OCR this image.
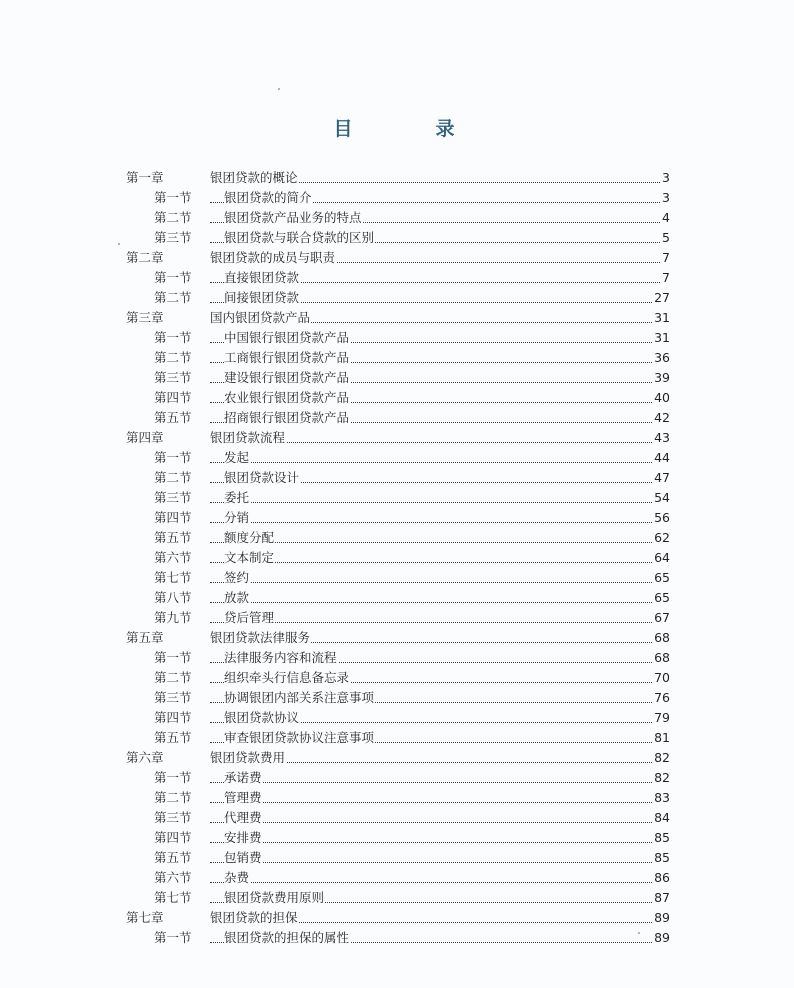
目　录
第一章	银团贷款的概论	3
第一节	银团贷款的简介	3
第二节	银团贷款产品业务的特点	4
第三节	银团贷款与联合贷款的区别	5
第二章	银团贷款的成员与职责	7
第一节	直接银团贷款	7
第二节	间接银团贷款	27
第三章	国内银团贷款产品	31
第一节	中国银行银团贷款产品	31
第二节	工商银行银团贷款产品	36
第三节	建设银行银团贷款产品	39
第四节	农业银行银团贷款产品	40
第五节	招商银行银团贷款产品	42
第四章	银团贷款流程	43
第一节	发起	44
第二节	银团贷款设计	47
第三节	委托	54
第四节	分销	56
第五节	额度分配	62
第六节	文本制定	64
第七节	签约	65
第八节	放款	65
第九节	贷后管理	67
第五章	银团贷款法律服务	68
第一节	法律服务内容和流程	68
第二节	组织牵头行信息备忘录	70
第三节	协调银团内部关系注意事项	76
第四节	银团贷款协议	79
第五节	审查银团贷款协议注意事项	81
第六章	银团贷款费用	82
第一节	承诺费	82
第二节	管理费	83
第三节	代理费	84
第四节	安排费	85
第五节	包销费	85
第六节	杂费	86
第七节	银团贷款费用原则	87
第七章	银团贷款的担保	89
第一节	银团贷款的担保的属性	89
